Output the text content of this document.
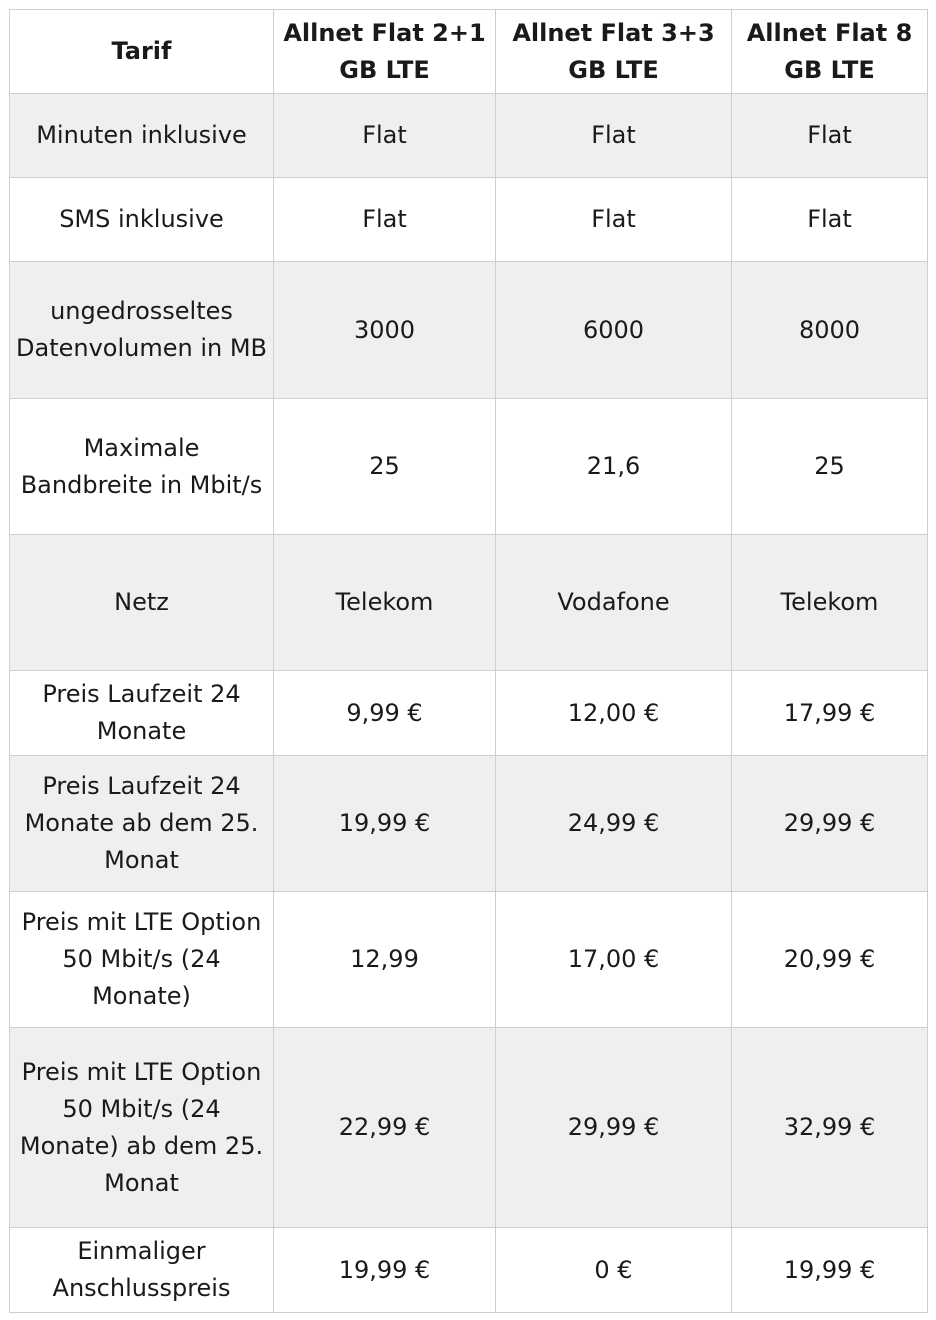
Tarif	Allnet Flat 2+1 GB LTE	Allnet Flat 3+3 GB LTE	Allnet Flat 8 GB LTE
Minuten inklusive	Flat	Flat	Flat
SMS inklusive	Flat	Flat	Flat
ungedrosseltes Datenvolumen in MB	3000	6000	8000
Maximale Bandbreite in Mbit/s	25	21,6	25
Netz	Telekom	Vodafone	Telekom
Preis Laufzeit 24 Monate	9,99 €	12,00 €	17,99 €
Preis Laufzeit 24 Monate ab dem 25. Monat	19,99 €	24,99 €	29,99 €
Preis mit LTE Option 50 Mbit/s (24 Monate)	12,99	17,00 €	20,99 €
Preis mit LTE Option 50 Mbit/s (24 Monate) ab dem 25. Monat	22,99 €	29,99 €	32,99 €
Einmaliger Anschlusspreis	19,99 €	0 €	19,99 €
